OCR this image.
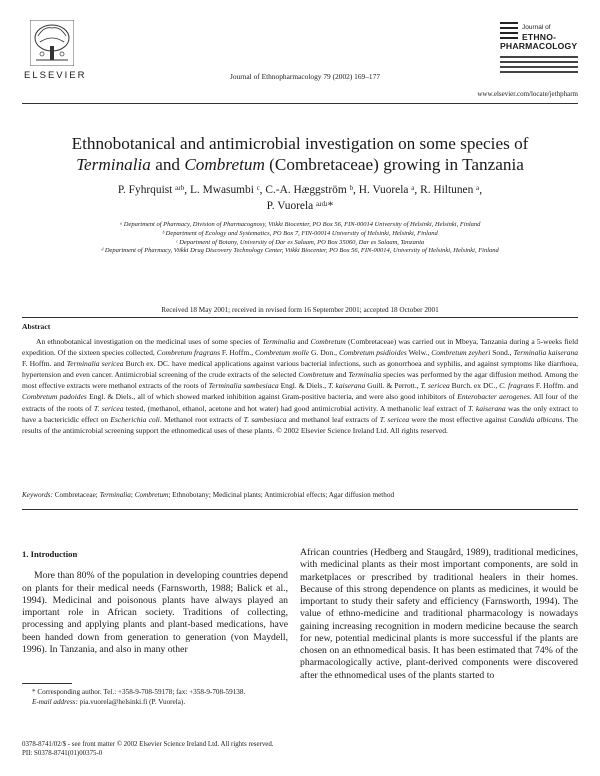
ELSEVIER	Journal of Ethnopharmacology 79 (2002) 169–177
Journal of
ETHNO-
PHARMACOLOGY
www.elsevier.com/locate/jethpharm
Ethnobotanical and antimicrobial investigation on some species of
Terminalia and Combretum (Combretaceae) growing in Tanzania
P. Fyhrquist ᵃʴᵇ, L. Mwasumbi ᶜ, C.-A. Hæggström ᵇ, H. Vuorela ᵃ, R. Hiltunen ᵃ,
P. Vuorela ᵃʴᵈʴ*
ᵃ Department of Pharmacy, Division of Pharmacognosy, Viikki Biocenter, PO Box 56, FIN-00014 University of Helsinki, Helsinki, Finland
ᵇ Department of Ecology and Systematics, PO Box 7, FIN-00014 University of Helsinki, Helsinki, Finland
ᶜ Department of Botany, University of Dar es Salaam, PO Box 35060, Dar es Salaam, Tanzania
ᵈ Department of Pharmacy, Viikki Drug Discovery Technology Center, Viikki Biocenter, PO Box 56, FIN-00014, University of Helsinki, Helsinki, Finland
Received 18 May 2001; received in revised form 16 September 2001; accepted 18 October 2001
Abstract
An ethnobotanical investigation on the medicinal uses of some species of Terminalia and Combretum (Combretaceae) was carried out in Mbeya, Tanzania during a 5-weeks field expedition. Of the sixteen species collected, Combretum fragrans F. Hoffm., Combretum molle G. Don., Combretum psidioides Welw., Combretum zeyheri Sond., Terminalia kaiserana F. Hoffm. and Terminalia sericea Burch ex. DC. have medical applications against various bacterial infections, such as gonorrhoea and syphilis, and against symptoms like diarrhoea, hypertension and even cancer. Antimicrobial screening of the crude extracts of the selected Combretum and Terminalia species was performed by the agar diffusion method. Among the most effective extracts were methanol extracts of the roots of Terminalia sambesiaca Engl. & Diels., T. kaiserana Guill. & Perrott., T. sericea Burch. ex DC., C. fragrans F. Hoffm. and Combretum padoides Engl. & Diels., all of which showed marked inhibition against Gram-positive bacteria, and were also good inhibitors of Enterobacter aerogenes. All four of the extracts of the roots of T. sericea tested, (methanol, ethanol, acetone and hot water) had good antimicrobial activity. A methanolic leaf extract of T. kaiserana was the only extract to have a bactericidic effect on Escherichia coli. Methanol root extracts of T. sambesiaca and methanol leaf extracts of T. sericea were the most effective against Candida albicans. The results of the antimicrobial screening support the ethnomedical uses of these plants. © 2002 Elsevier Science Ireland Ltd. All rights reserved.
Keywords: Combretaceae; Terminalia; Combretum; Ethnobotany; Medicinal plants; Antimicrobial effects; Agar diffusion method
1. Introduction
More than 80% of the population in developing countries depend on plants for their medical needs (Farnsworth, 1988; Balick et al., 1994). Medicinal and poisonous plants have always played an important role in African society. Traditions of collecting, processing and applying plants and plant-based medications, have been handed down from generation to generation (von Maydell, 1996). In Tanzania, and also in many other
African countries (Hedberg and Staugård, 1989), traditional medicines, with medicinal plants as their most important components, are sold in marketplaces or prescribed by traditional healers in their homes. Because of this strong dependence on plants as medicines, it would be important to study their safety and efficiency (Farnsworth, 1994). The value of ethno-medicine and traditional pharmacology is nowadays gaining increasing recognition in modern medicine because the search for new, potential medicinal plants is more successful if the plants are chosen on an ethnomedical basis. It has been estimated that 74% of the pharmacologically active, plant-derived components were discovered after the ethnomedical uses of the plants started to
* Corresponding author. Tel.: +358-9-708-59178; fax: +358-9-708-59138.
E-mail address: pia.vuorela@helsinki.fi (P. Vuorela).
0378-8741/02/$ - see front matter © 2002 Elsevier Science Ireland Ltd. All rights reserved.
PII: S0378-8741(01)00375-0
